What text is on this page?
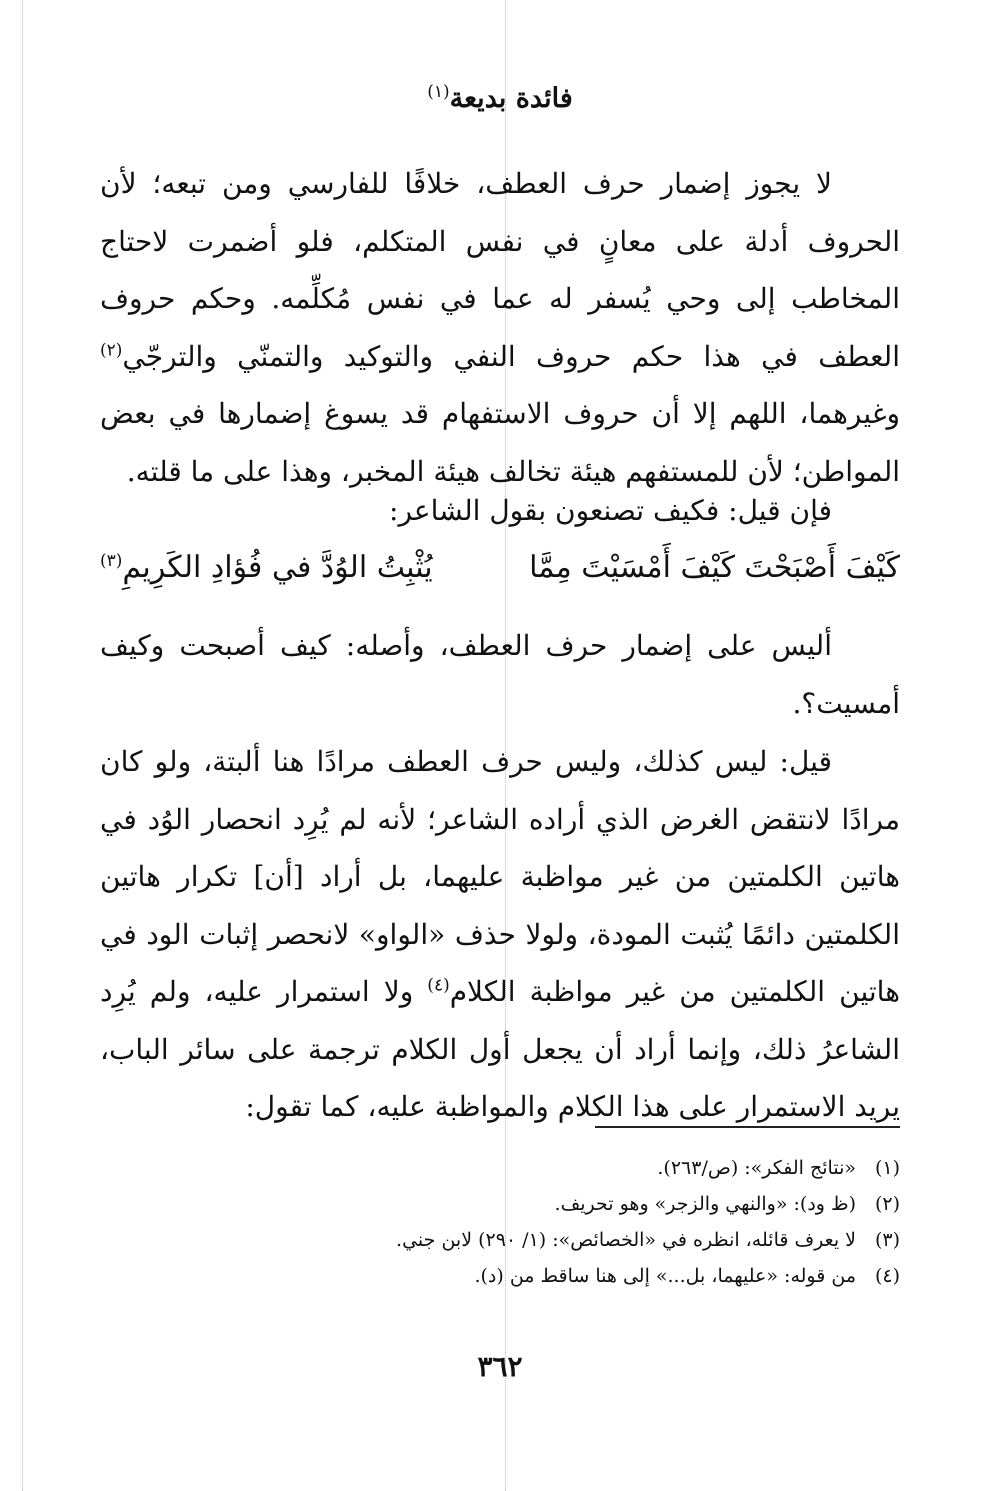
فائدة بديعة$^{(١)}$

لا يجوز إضمار حرف العطف، خلافًا للفارسي ومن تبعه؛ لأن الحروف أدلة على معانٍ في نفس المتكلم، فلو أضمرت لاحتاج المخاطب إلى وحي يُسفر له عما في نفس مُكلِّمه. وحكم حروف العطف في هذا حكم حروف النفي والتوكيد والتمنّي والترجّي$^{(٢)}$ وغيرهما، اللهم إلا أن حروف الاستفهام قد يسوغ إضمارها في بعض المواطن؛ لأن للمستفهم هيئة تخالف هيئة المخبر، وهذا على ما قلته.

فإن قيل: فكيف تصنعون بقول الشاعر:

كَيْفَ أَصْبَحْتَ كَيْفَ أَمْسَيْتَ مِمَّا
يُثْبِتُ الوُدَّ في فُؤادِ الكَرِيمِ$^{(٣)}$

أليس على إضمار حرف العطف، وأصله: كيف أصبحت وكيف أمسيت؟.

قيل: ليس كذلك، وليس حرف العطف مرادًا هنا ألبتة، ولو كان مرادًا لانتقض الغرض الذي أراده الشاعر؛ لأنه لم يُرِد انحصار الوُد في هاتين الكلمتين من غير مواظبة عليهما، بل أراد [أن] تكرار هاتين الكلمتين دائمًا يُثبت المودة، ولولا حذف «الواو» لانحصر إثبات الود في هاتين الكلمتين من غير مواظبة الكلام$^{(٤)}$ ولا استمرار عليه، ولم يُرِد الشاعرُ ذلك، وإنما أراد أن يجعل أول الكلام ترجمة على سائر الباب، يريد الاستمرار على هذا الكلام والمواظبة عليه، كما تقول:

(١)«نتائج الفكر»: (ص/٢٦٣).
(٢)(ظ ود): «والنهي والزجر» وهو تحريف.
(٣)لا يعرف قائله، انظره في «الخصائص»: (١/ ٢٩٠) لابن جني.
(٤)من قوله: «عليهما، بل...» إلى هنا ساقط من (د).
٣٦٢
